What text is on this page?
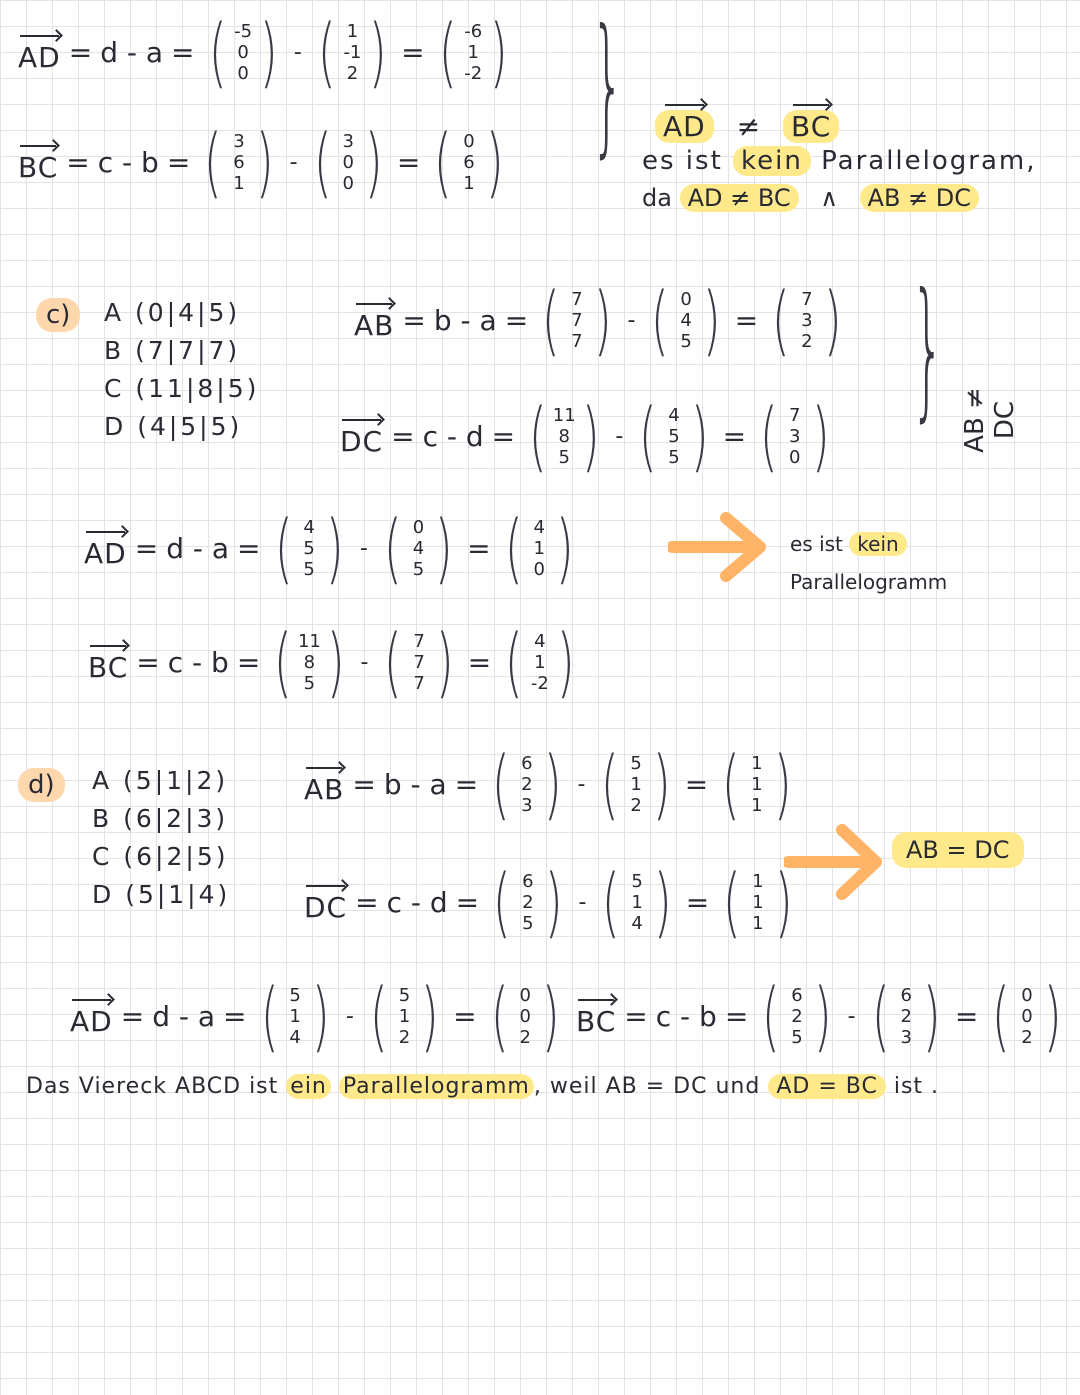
AD = d - a = ( -5
0
0 ) - ( 1
-1
2 ) = ( -6
1
-2 )
BC = c - b = ( 3
6
1 ) - ( 3
0
0 ) = ( 0
6
1 ) } AD ≠ BC
es ist kein Parallelogram,
da AD ≠ BC ∧ AB ≠ DC
c)	A (0|4|5)
B (7|7|7)
C (11|8|5)
D (4|5|5)
AB = b - a = ( 7
7
7 ) - ( 0
4
5 ) = ( 7
3
2 )
DC = c - d = ( 11
8
5 ) - ( 4
5
5 ) = ( 7
3
0 ) } AB ≠ DC
AD = d - a = ( 4
5
5 ) - ( 0
4
5 ) = ( 4
1
0 )	es ist kein
Parallelogramm
BC = c - b = ( 11
8
5 ) - ( 7
7
7 ) = ( 4
1
-2 )
d)	A (5|1|2)
B (6|2|3)
C (6|2|5)
D (5|1|4)
AB = b - a = ( 6
2
3 ) - ( 5
1
2 ) = ( 1
1
1 )
DC = c - d = ( 6
2
5 ) - ( 5
1
4 ) = ( 1
1
1 )
AB = DC
AD = d - a = ( 5
1
4 ) - ( 5
1
2 ) = ( 0
0
2 ) BC = c - b = ( 6
2
5 ) - ( 6
2
3 ) = ( 0
0
2 )
Das Viereck ABCD ist ein Parallelogramm , weil AB = DC und AD = BC ist .
